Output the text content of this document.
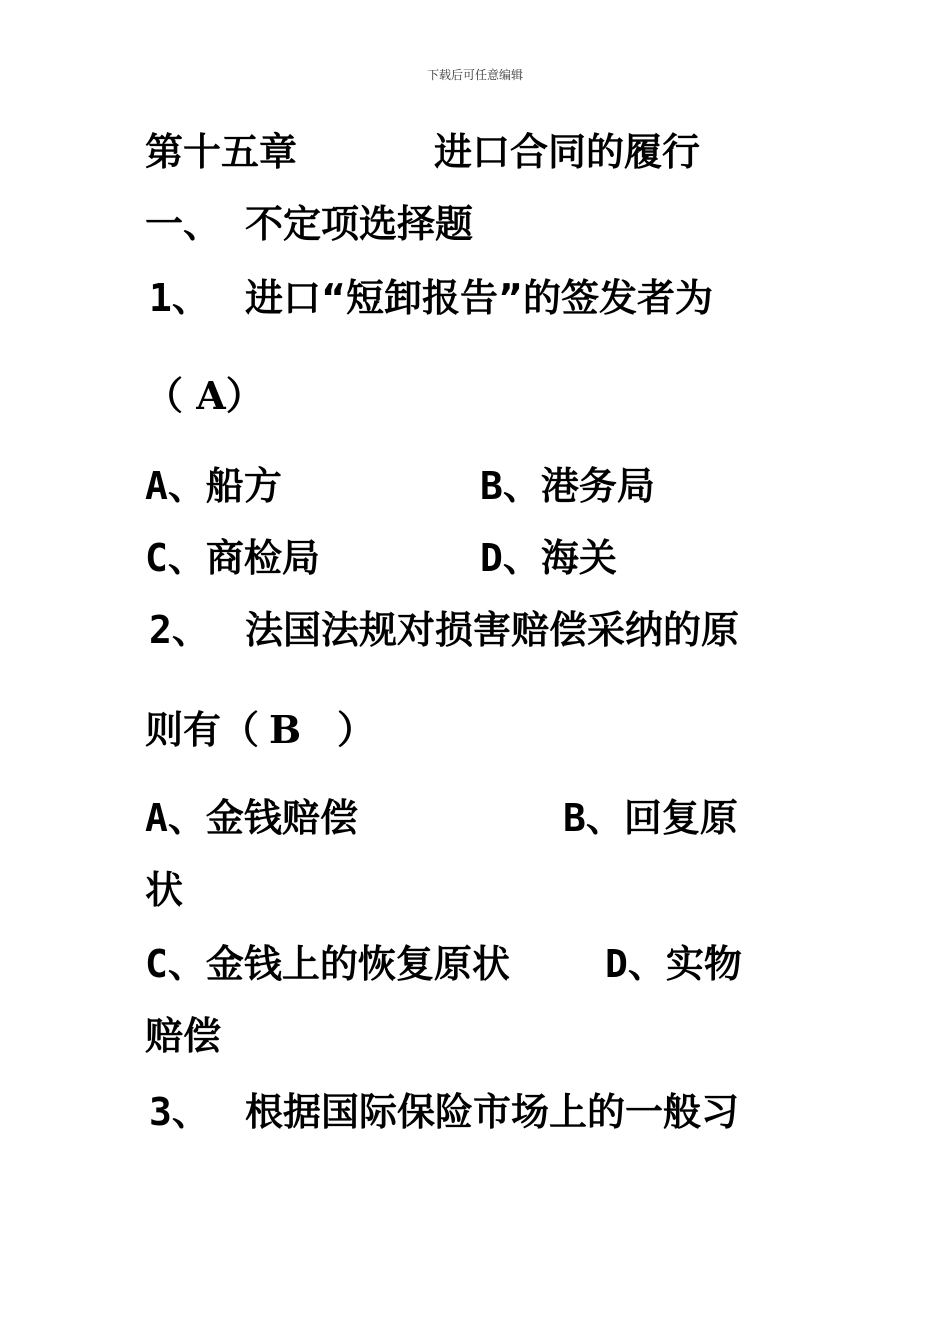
下载后可任意编辑
第十五章	进口合同的履行
一、 不定项选择题
1、 进口“短卸报告”的签发者为
（ A）
A、船方	B、港务局
C、商检局	D、海关
2、 法国法规对损害赔偿采纳的原
则有（ B ）
A、金钱赔偿	B、回复原
状
C、金钱上的恢复原状	D、实物
赔偿
3、 根据国际保险市场上的一般习
